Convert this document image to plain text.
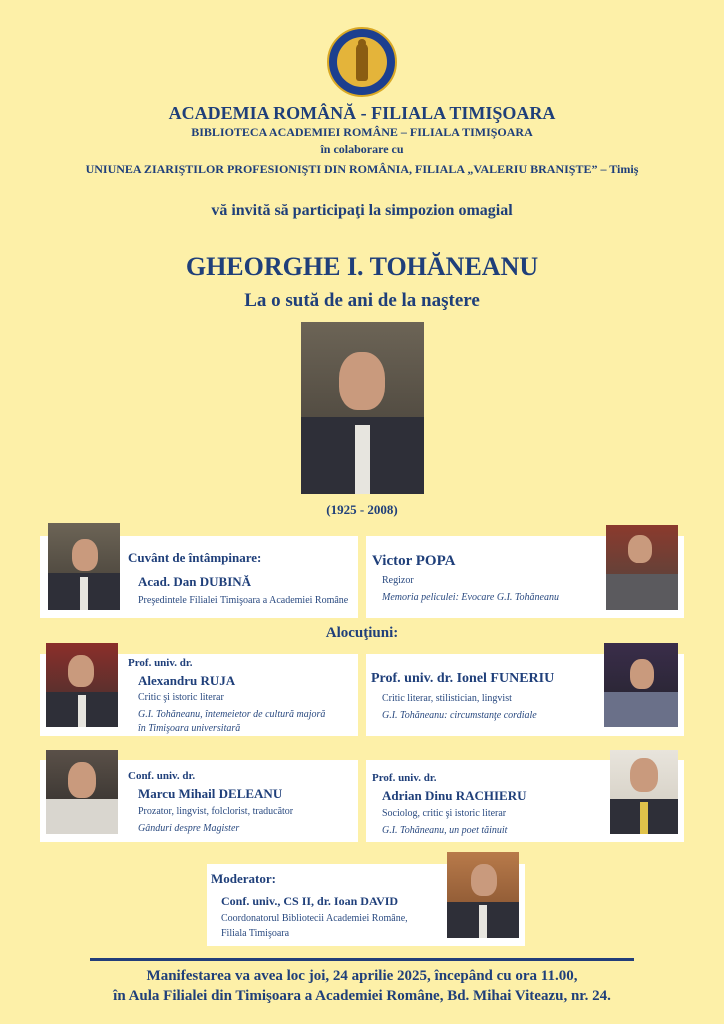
ACADEMIA ROMÂNĂ - FILIALA TIMIŞOARA
BIBLIOTECA ACADEMIEI ROMÂNE – FILIALA TIMIŞOARA
în colaborare cu
UNIUNEA ZIARIŞTILOR PROFESIONIŞTI DIN ROMÂNIA, FILIALA „VALERIU BRANIŞTE” – Timiş
vă invită să participaţi la simpozion omagial
GHEORGHE I. TOHĂNEANU
La o sută de ani de la naştere
(1925 - 2008)
Cuvânt de întâmpinare:
Acad. Dan DUBINĂ
Preşedintele Filialei Timişoara a Academiei Române
Victor POPA
Regizor
Memoria peliculei: Evocare G.I. Tohăneanu
Alocuţiuni:
Prof. univ. dr.
Alexandru RUJA
Critic şi istoric literar
G.I. Tohăneanu, întemeietor de cultură majoră
în Timişoara universitară
Prof. univ. dr. Ionel FUNERIU
Critic literar, stilistician, lingvist
G.I. Tohăneanu: circumstanţe cordiale
Conf. univ. dr.
Marcu Mihail DELEANU
Prozator, lingvist, folclorist, traducător
Gânduri despre Magister
Prof. univ. dr.
Adrian Dinu RACHIERU
Sociolog, critic şi istoric literar
G.I. Tohăneanu, un poet tăinuit
Moderator:
Conf. univ., CS II, dr. Ioan DAVID
Coordonatorul Bibliotecii Academiei Române,
Filiala Timişoara
Manifestarea va avea loc joi, 24 aprilie 2025, începând cu ora 11.00,
în Aula Filialei din Timişoara a Academiei Române, Bd. Mihai Viteazu, nr. 24.
